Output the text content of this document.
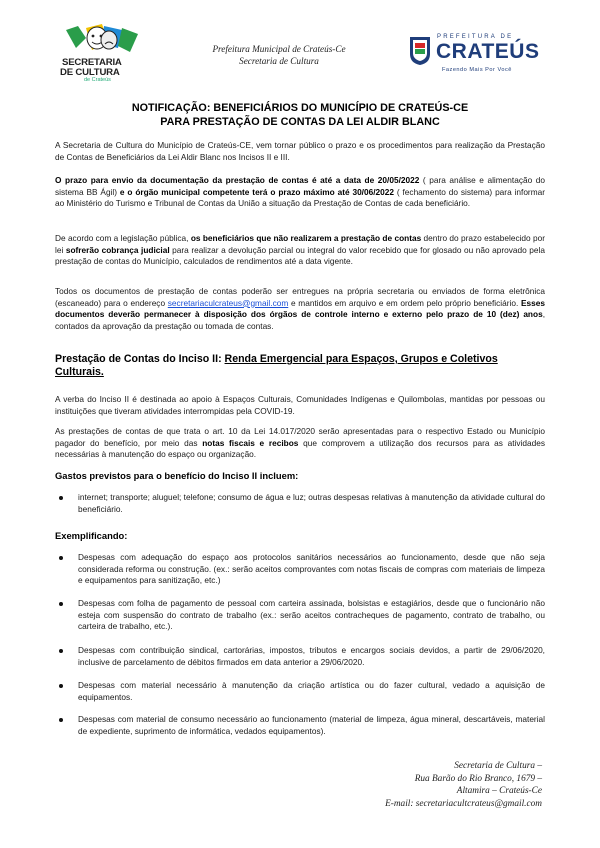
SECRETARIA
DE CULTURA
de Crateús
Prefeitura Municipal de Crateús-Ce
Secretaria de Cultura
PREFEITURA DE
CRATEÚS
Fazendo Mais Por Você
NOTIFICAÇÃO: BENEFICIÁRIOS DO MUNICÍPIO DE CRATEÚS-CE
PARA PRESTAÇÃO DE CONTAS DA LEI ALDIR BLANC
A Secretaria de Cultura do Município de Crateús-CE, vem tornar público o prazo e os procedimentos para realização da Prestação de Contas de Beneficiários da Lei Aldir Blanc nos Incisos II e III.
O prazo para envio da documentação da prestação de contas é até a data de 20/05/2022 ( para análise e alimentação do sistema BB Ágil) e o órgão municipal competente terá o prazo máximo até 30/06/2022 ( fechamento do sistema) para informar ao Ministério do Turismo e Tribunal de Contas da União a situação da Prestação de Contas de cada beneficiário.
De acordo com a legislação pública, os beneficiários que não realizarem a prestação de contas dentro do prazo estabelecido por lei sofrerão cobrança judicial para realizar a devolução parcial ou integral do valor recebido que for glosado ou não aprovado pela prestação de contas do Município, calculados de rendimentos até a data vigente.
Todos os documentos de prestação de contas poderão ser entregues na própria secretaria ou enviados de forma eletrônica (escaneado) para o endereço secretariaculcrateus@gmail.com e mantidos em arquivo e em ordem pelo próprio beneficiário. Esses documentos deverão permanecer à disposição dos órgãos de controle interno e externo pelo prazo de 10 (dez) anos, contados da aprovação da prestação ou tomada de contas.
Prestação de Contas do Inciso II: Renda Emergencial para Espaços, Grupos e Coletivos Culturais.
A verba do Inciso II é destinada ao apoio à Espaços Culturais, Comunidades Indígenas e Quilombolas, mantidas por pessoas ou instituições que tiveram atividades interrompidas pela COVID-19.
As prestações de contas de que trata o art. 10 da Lei 14.017/2020 serão apresentadas para o respectivo Estado ou Município pagador do benefício, por meio das notas fiscais e recibos que comprovem a utilização dos recursos para as atividades necessárias à manutenção do espaço ou organização.
Gastos previstos para o benefício do Inciso II incluem:
internet; transporte; aluguel; telefone; consumo de água e luz; outras despesas relativas à manutenção da atividade cultural do beneficiário.
Exemplificando:
Despesas com adequação do espaço aos protocolos sanitários necessários ao funcionamento, desde que não seja considerada reforma ou construção. (ex.: serão aceitos comprovantes com notas fiscais de compras com materiais de limpeza e equipamentos para sanitização, etc.)
Despesas com folha de pagamento de pessoal com carteira assinada, bolsistas e estagiários, desde que o funcionário não esteja com suspensão do contrato de trabalho (ex.: serão aceitos contracheques de pagamento, contrato de trabalho, ou carteira de trabalho, etc.).
Despesas com contribuição sindical, cartorárias, impostos, tributos e encargos sociais devidos, a partir de 29/06/2020, inclusive de parcelamento de débitos firmados em data anterior a 29/06/2020.
Despesas com material necessário à manutenção da criação artística ou do fazer cultural, vedado a aquisição de equipamentos.
Despesas com material de consumo necessário ao funcionamento (material de limpeza, água mineral, descartáveis, material de expediente, suprimento de informática, vedados equipamentos).
Secretaria de Cultura –
Rua Barão do Rio Branco, 1679 –
Altamira – Crateús-Ce
E-mail: secretariacultcrateus@gmail.com
